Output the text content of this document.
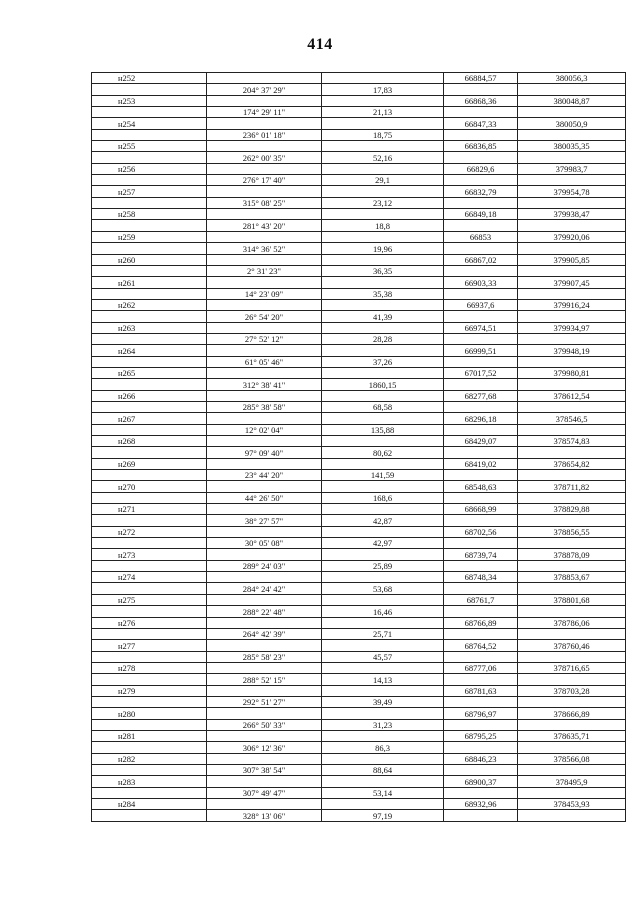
414
н252			66884,57	380056,3
	204° 37' 29"	17,83		
н253			66868,36	380048,87
	174° 29' 11"	21,13		
н254			66847,33	380050,9
	236° 01' 18"	18,75		
н255			66836,85	380035,35
	262° 00' 35"	52,16		
н256			66829,6	379983,7
	276° 17' 40"	29,1		
н257			66832,79	379954,78
	315° 08' 25"	23,12		
н258			66849,18	379938,47
	281° 43' 20"	18,8		
н259			66853	379920,06
	314° 36' 52"	19,96		
н260			66867,02	379905,85
	2° 31' 23"	36,35		
н261			66903,33	379907,45
	14° 23' 09"	35,38		
н262			66937,6	379916,24
	26° 54' 20"	41,39		
н263			66974,51	379934,97
	27° 52' 12"	28,28		
н264			66999,51	379948,19
	61° 05' 46"	37,26		
н265			67017,52	379980,81
	312° 38' 41"	1860,15		
н266			68277,68	378612,54
	285° 38' 58"	68,58		
н267			68296,18	378546,5
	12° 02' 04"	135,88		
н268			68429,07	378574,83
	97° 09' 40"	80,62		
н269			68419,02	378654,82
	23° 44' 20"	141,59		
н270			68548,63	378711,82
	44° 26' 50"	168,6		
н271			68668,99	378829,88
	38° 27' 57"	42,87		
н272			68702,56	378856,55
	30° 05' 08"	42,97		
н273			68739,74	378878,09
	289° 24' 03"	25,89		
н274			68748,34	378853,67
	284° 24' 42"	53,68		
н275			68761,7	378801,68
	288° 22' 48"	16,46		
н276			68766,89	378786,06
	264° 42' 39"	25,71		
н277			68764,52	378760,46
	285° 58' 23"	45,57		
н278			68777,06	378716,65
	288° 52' 15"	14,13		
н279			68781,63	378703,28
	292° 51' 27"	39,49		
н280			68796,97	378666,89
	266° 50' 33"	31,23		
н281			68795,25	378635,71
	306° 12' 36"	86,3		
н282			68846,23	378566,08
	307° 38' 54"	88,64		
н283			68900,37	378495,9
	307° 49' 47"	53,14		
н284			68932,96	378453,93
	328° 13' 06"	97,19		
